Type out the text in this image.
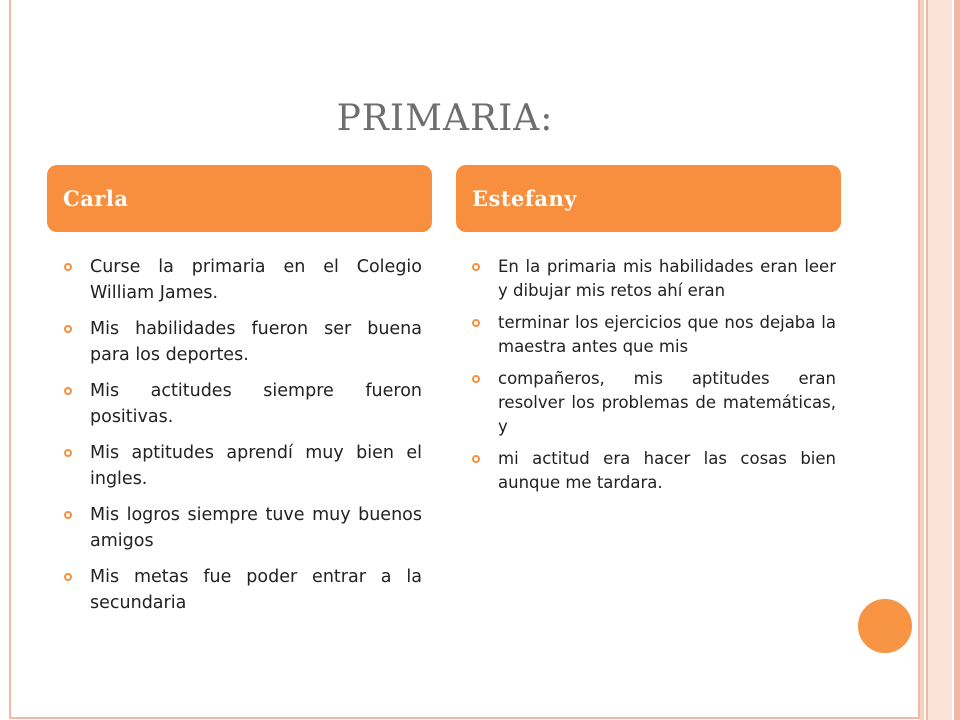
PRIMARIA:
Carla	Estefany
Curse la primaria en el Colegio William James.
Mis habilidades fueron ser buena para los deportes.
Mis actitudes siempre fueron positivas.
Mis aptitudes aprendí muy bien el ingles.
Mis logros siempre tuve muy buenos amigos
Mis metas fue poder entrar a la secundaria
En la primaria mis habilidades eran leer y dibujar mis retos ahí eran
terminar los ejercicios que nos dejaba la maestra antes que mis
compañeros, mis aptitudes eran resolver los problemas de matemáticas, y
mi actitud era hacer las cosas bien aunque me tardara.
